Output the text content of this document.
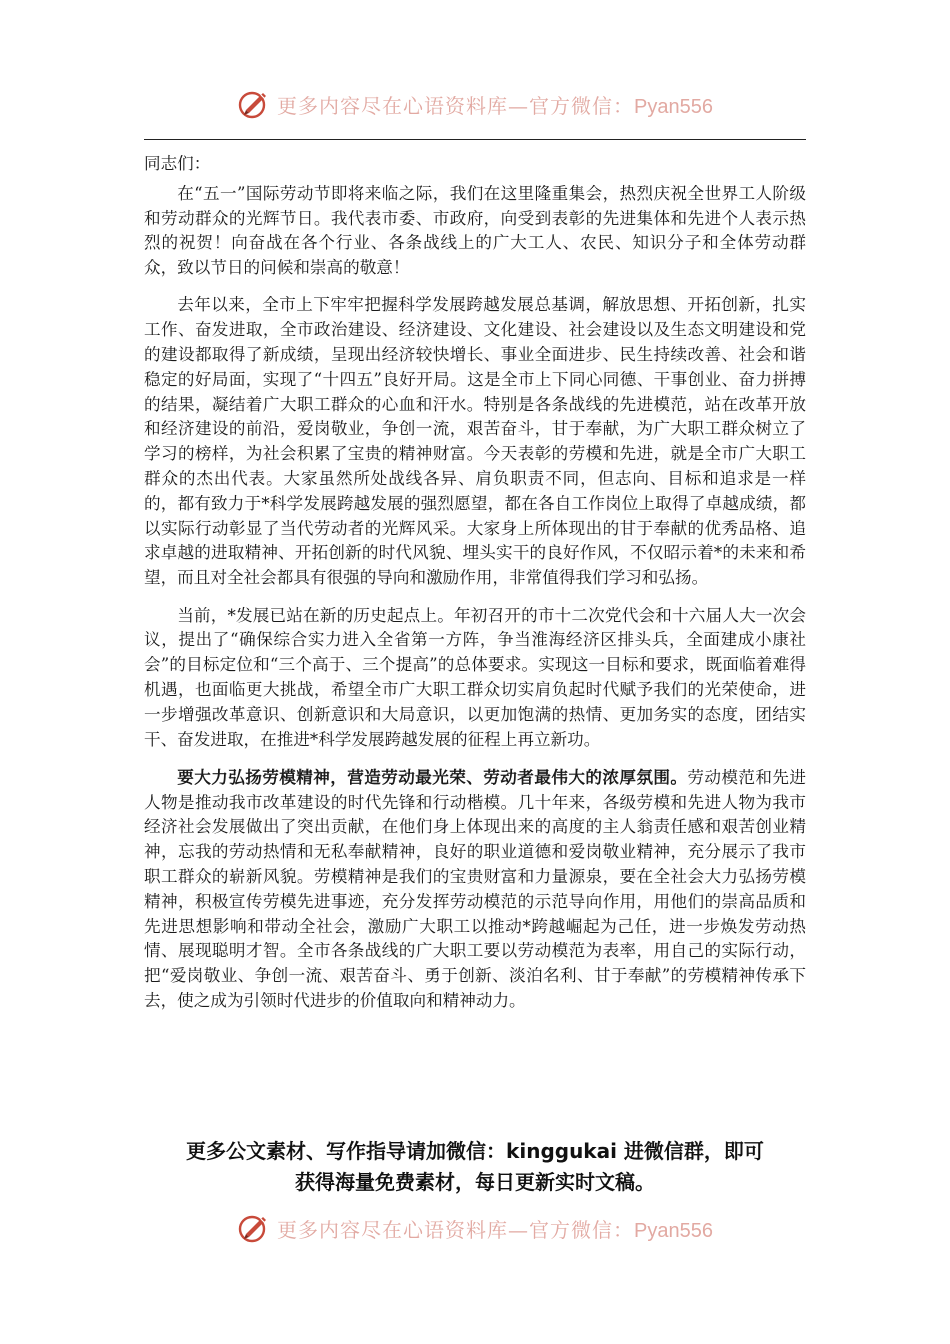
更多内容尽在心语资料库—官方微信：Pyan556

同志们：

在“五一”国际劳动节即将来临之际，我们在这里隆重集会，热烈庆祝全世界工人阶级和劳动群众的光辉节日。我代表市委、市政府，向受到表彰的先进集体和先进个人表示热烈的祝贺！向奋战在各个行业、各条战线上的广大工人、农民、知识分子和全体劳动群众，致以节日的问候和崇高的敬意！

去年以来，全市上下牢牢把握科学发展跨越发展总基调，解放思想、开拓创新，扎实工作、奋发进取，全市政治建设、经济建设、文化建设、社会建设以及生态文明建设和党的建设都取得了新成绩，呈现出经济较快增长、事业全面进步、民生持续改善、社会和谐稳定的好局面，实现了“十四五”良好开局。这是全市上下同心同德、干事创业、奋力拼搏的结果，凝结着广大职工群众的心血和汗水。特别是各条战线的先进模范，站在改革开放和经济建设的前沿，爱岗敬业，争创一流，艰苦奋斗，甘于奉献，为广大职工群众树立了学习的榜样，为社会积累了宝贵的精神财富。今天表彰的劳模和先进，就是全市广大职工群众的杰出代表。大家虽然所处战线各异、肩负职责不同，但志向、目标和追求是一样的，都有致力于*科学发展跨越发展的强烈愿望，都在各自工作岗位上取得了卓越成绩，都以实际行动彰显了当代劳动者的光辉风采。大家身上所体现出的甘于奉献的优秀品格、追求卓越的进取精神、开拓创新的时代风貌、埋头实干的良好作风，不仅昭示着*的未来和希望，而且对全社会都具有很强的导向和激励作用，非常值得我们学习和弘扬。

当前，*发展已站在新的历史起点上。年初召开的市十二次党代会和十六届人大一次会议，提出了“确保综合实力进入全省第一方阵，争当淮海经济区排头兵，全面建成小康社会”的目标定位和“三个高于、三个提高”的总体要求。实现这一目标和要求，既面临着难得机遇，也面临更大挑战，希望全市广大职工群众切实肩负起时代赋予我们的光荣使命，进一步增强改革意识、创新意识和大局意识，以更加饱满的热情、更加务实的态度，团结实干、奋发进取，在推进*科学发展跨越发展的征程上再立新功。

要大力弘扬劳模精神，营造劳动最光荣、劳动者最伟大的浓厚氛围。劳动模范和先进人物是推动我市改革建设的时代先锋和行动楷模。几十年来，各级劳模和先进人物为我市经济社会发展做出了突出贡献，在他们身上体现出来的高度的主人翁责任感和艰苦创业精神，忘我的劳动热情和无私奉献精神，良好的职业道德和爱岗敬业精神，充分展示了我市职工群众的崭新风貌。劳模精神是我们的宝贵财富和力量源泉，要在全社会大力弘扬劳模精神，积极宣传劳模先进事迹，充分发挥劳动模范的示范导向作用，用他们的崇高品质和先进思想影响和带动全社会，激励广大职工以推动*跨越崛起为己任，进一步焕发劳动热情、展现聪明才智。全市各条战线的广大职工要以劳动模范为表率，用自己的实际行动，把“爱岗敬业、争创一流、艰苦奋斗、勇于创新、淡泊名利、甘于奉献”的劳模精神传承下去，使之成为引领时代进步的价值取向和精神动力。

更多公文素材、写作指导请加微信：kinggukai 进微信群，即可
获得海量免费素材，每日更新实时文稿。
更多内容尽在心语资料库—官方微信：Pyan556
